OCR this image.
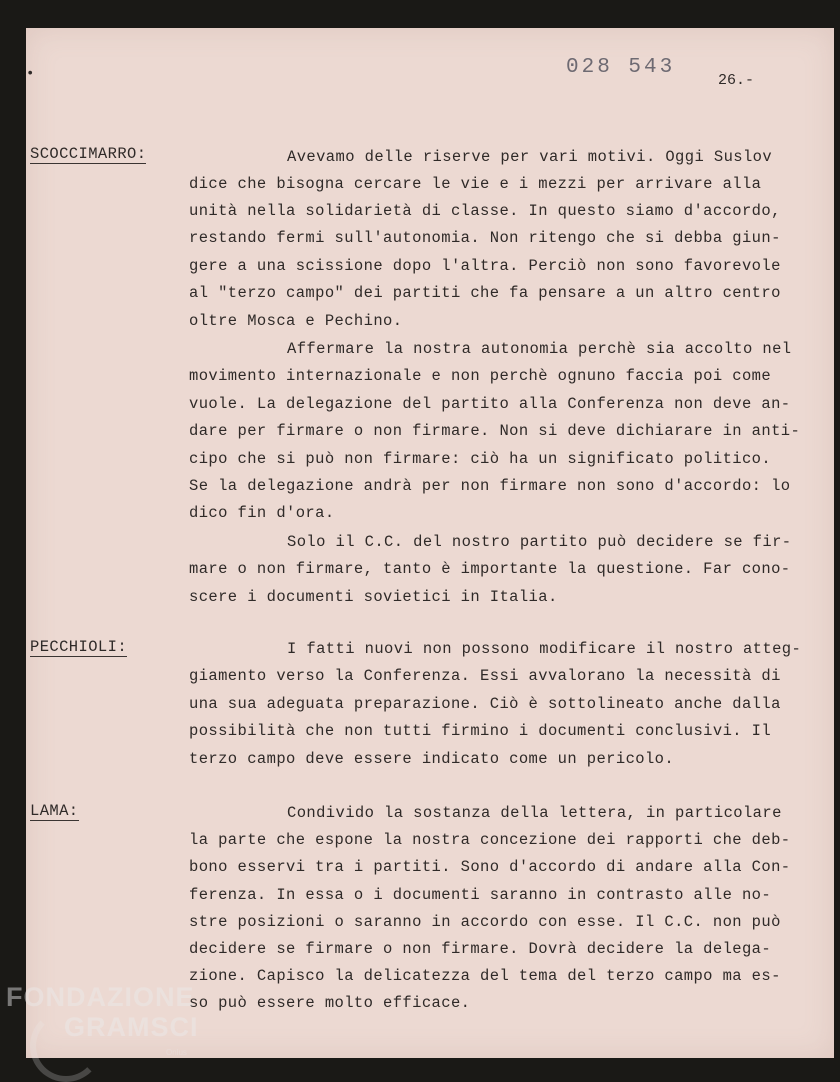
•	028 543
26.-
SCOCCIMARRO:
PECCHIOLI:
LAMA:
Avevamo delle riserve per vari motivi. Oggi Suslov
dice che bisogna cercare le vie e i mezzi per arrivare alla
unità nella solidarietà di classe. In questo siamo d'accordo,
restando fermi sull'autonomia. Non ritengo che si debba giun-
gere a una scissione dopo l'altra. Perciò non sono favorevole
al "terzo campo" dei partiti che fa pensare a un altro centro
oltre Mosca e Pechino.
Affermare la nostra autonomia perchè sia accolto nel
movimento internazionale e non perchè ognuno faccia poi come
vuole. La delegazione del partito alla Conferenza non deve an-
dare per firmare o non firmare. Non si deve dichiarare in anti-
cipo che si può non firmare: ciò ha un significato politico.
Se la delegazione andrà per non firmare non sono d'accordo: lo
dico fin d'ora.
Solo il C.C. del nostro partito può decidere se fir-
mare o non firmare, tanto è importante la questione. Far cono-
scere i documenti sovietici in Italia.
I fatti nuovi non possono modificare il nostro atteg-
giamento verso la Conferenza. Essi avvalorano la necessità di
una sua adeguata preparazione. Ciò è sottolineato anche dalla
possibilità che non tutti firmino i documenti conclusivi. Il
terzo campo deve essere indicato come un pericolo.
Condivido la sostanza della lettera, in particolare
la parte che espone la nostra concezione dei rapporti che deb-
bono esservi tra i partiti. Sono d'accordo di andare alla Con-
ferenza. In essa o i documenti saranno in contrasto alle no-
stre posizioni o saranno in accordo con esse. Il C.C. non può
decidere se firmare o non firmare. Dovrà decidere la delega-
zione. Capisco la delicatezza del tema del terzo campo ma es-
so può essere molto efficace.
FONDAZIONE
GRAMSCI
Onlus
